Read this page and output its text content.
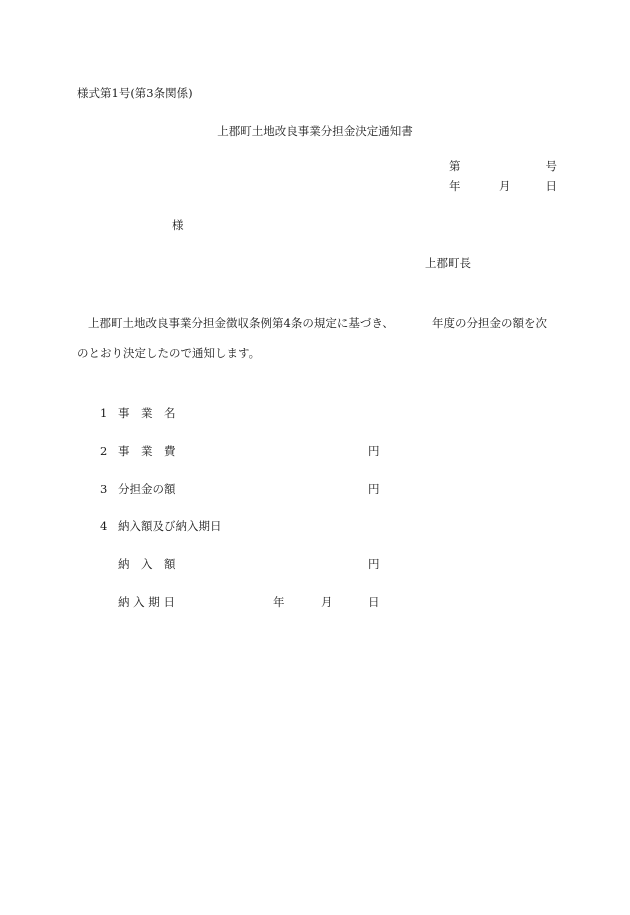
様式第1号(第3条関係)
上郡町土地改良事業分担金決定通知書
第	号
年	月	日
様
上郡町長
上郡町土地改良事業分担金徴収条例第4条の規定に基づき、	年度の分担金の額を次
のとおり決定したので通知します。
1 事　業　名
2 事　業　費	円
3 分担金の額	円
4 納入額及び納入期日
納　入　額	円
納 入 期 日	年	月	日
